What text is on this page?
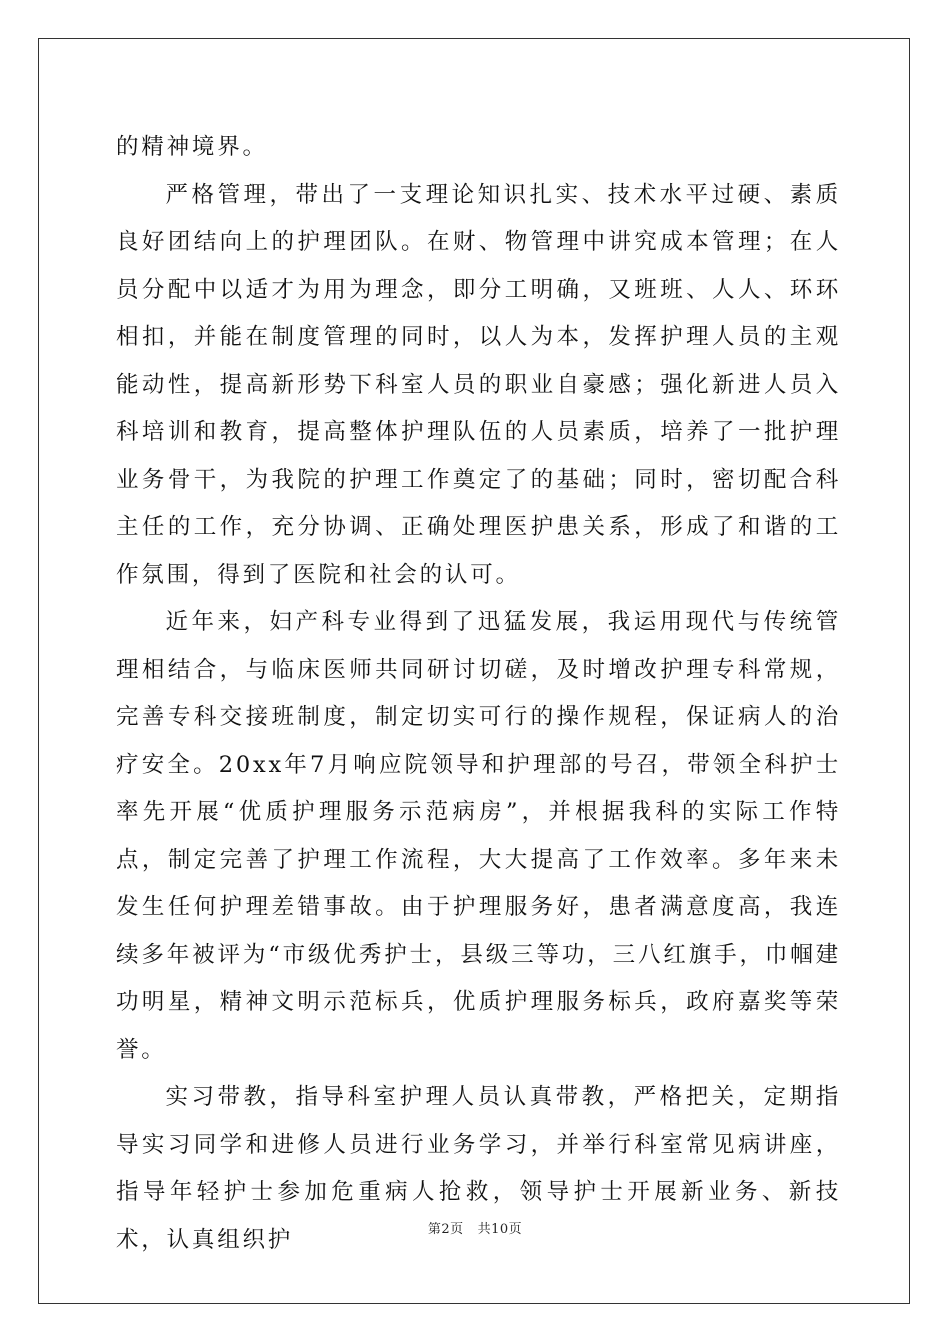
的精神境界。

严格管理，带出了一支理论知识扎实、技术水平过硬、素质良好团结向上的护理团队。在财、物管理中讲究成本管理；在人员分配中以适才为用为理念，即分工明确，又班班、人人、环环相扣，并能在制度管理的同时，以人为本，发挥护理人员的主观能动性，提高新形势下科室人员的职业自豪感；强化新进人员入科培训和教育，提高整体护理队伍的人员素质，培养了一批护理业务骨干，为我院的护理工作奠定了的基础；同时，密切配合科主任的工作，充分协调、正确处理医护患关系，形成了和谐的工作氛围，得到了医院和社会的认可。

近年来，妇产科专业得到了迅猛发展，我运用现代与传统管理相结合，与临床医师共同研讨切磋，及时增改护理专科常规，完善专科交接班制度，制定切实可行的操作规程，保证病人的治疗安全。20xx年7月响应院领导和护理部的号召，带领全科护士率先开展“优质护理服务示范病房”，并根据我科的实际工作特点，制定完善了护理工作流程，大大提高了工作效率。多年来未发生任何护理差错事故。由于护理服务好，患者满意度高，我连续多年被评为“市级优秀护士，县级三等功，三八红旗手，巾帼建功明星，精神文明示范标兵，优质护理服务标兵，政府嘉奖等荣誉。

实习带教，指导科室护理人员认真带教，严格把关，定期指导实习同学和进修人员进行业务学习，并举行科室常见病讲座，指导年轻护士参加危重病人抢救，领导护士开展新业务、新技术，认真组织护	第2页 共10页
